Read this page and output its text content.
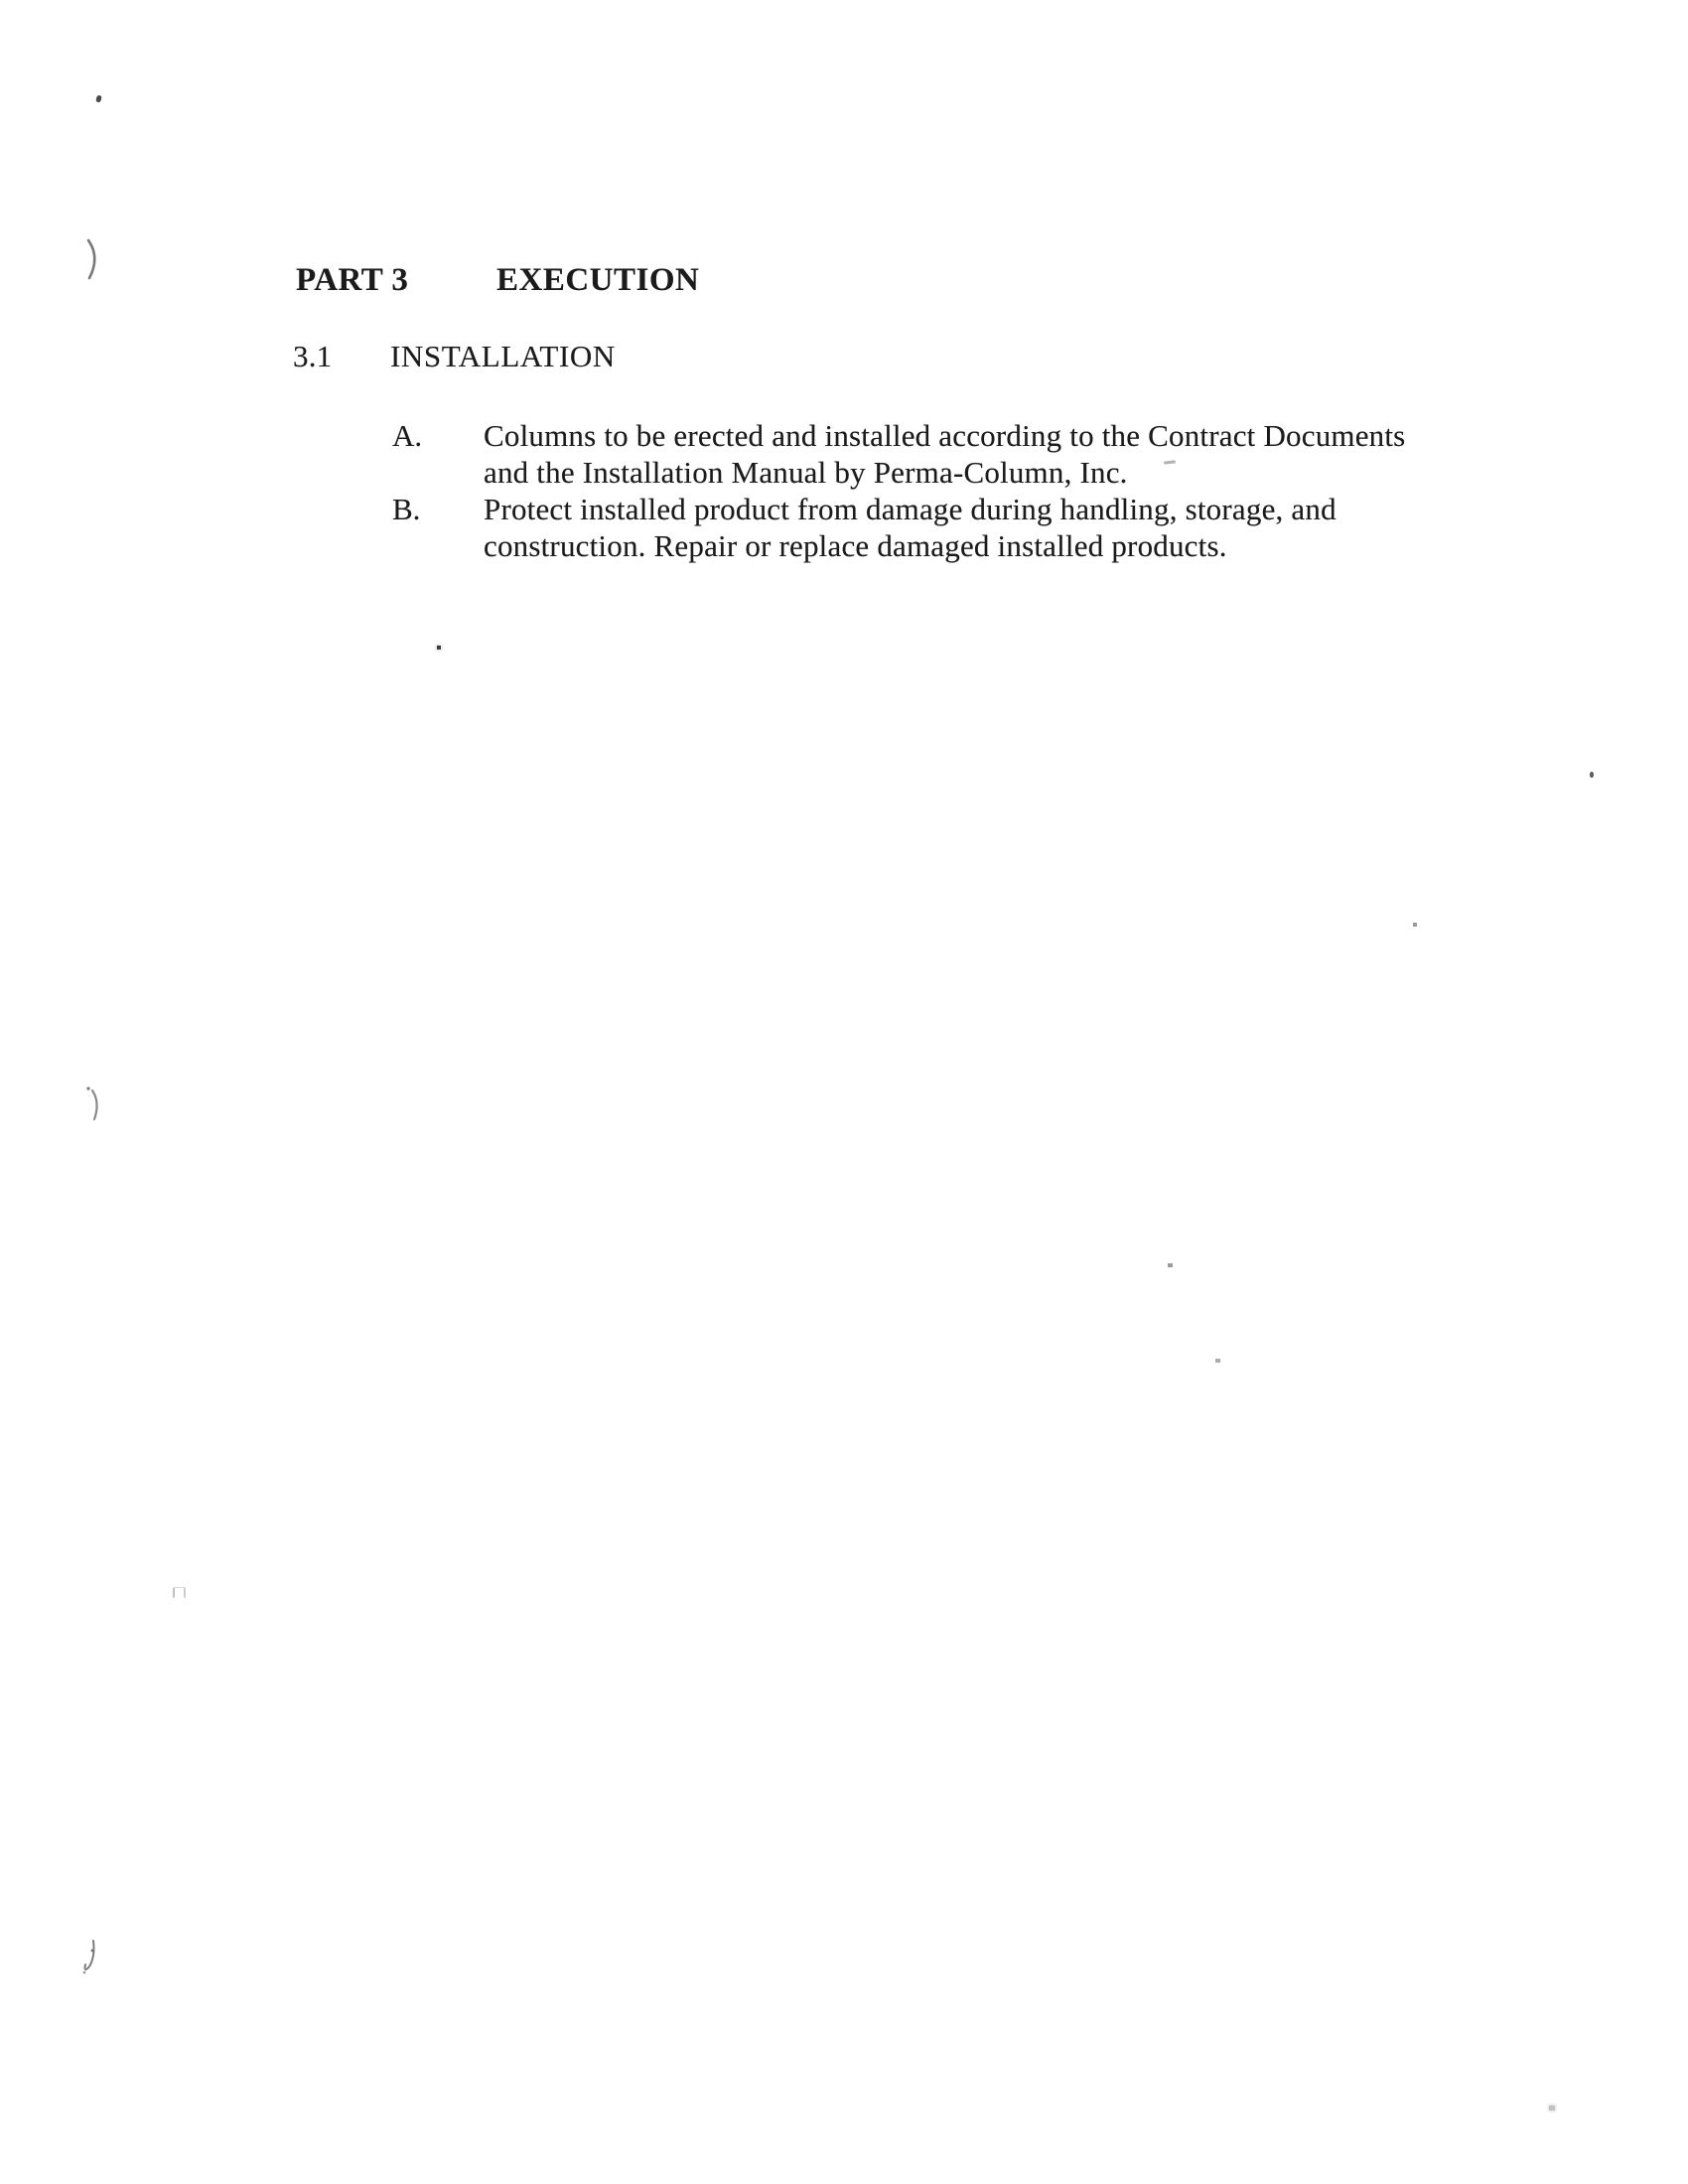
PART 3	EXECUTION
3.1 INSTALLATION
A.	Columns to be erected and installed according to the Contract Documents
and the Installation Manual by Perma-Column, Inc.
B.	Protect installed product from damage during handling, storage, and
construction. Repair or replace damaged installed products.
